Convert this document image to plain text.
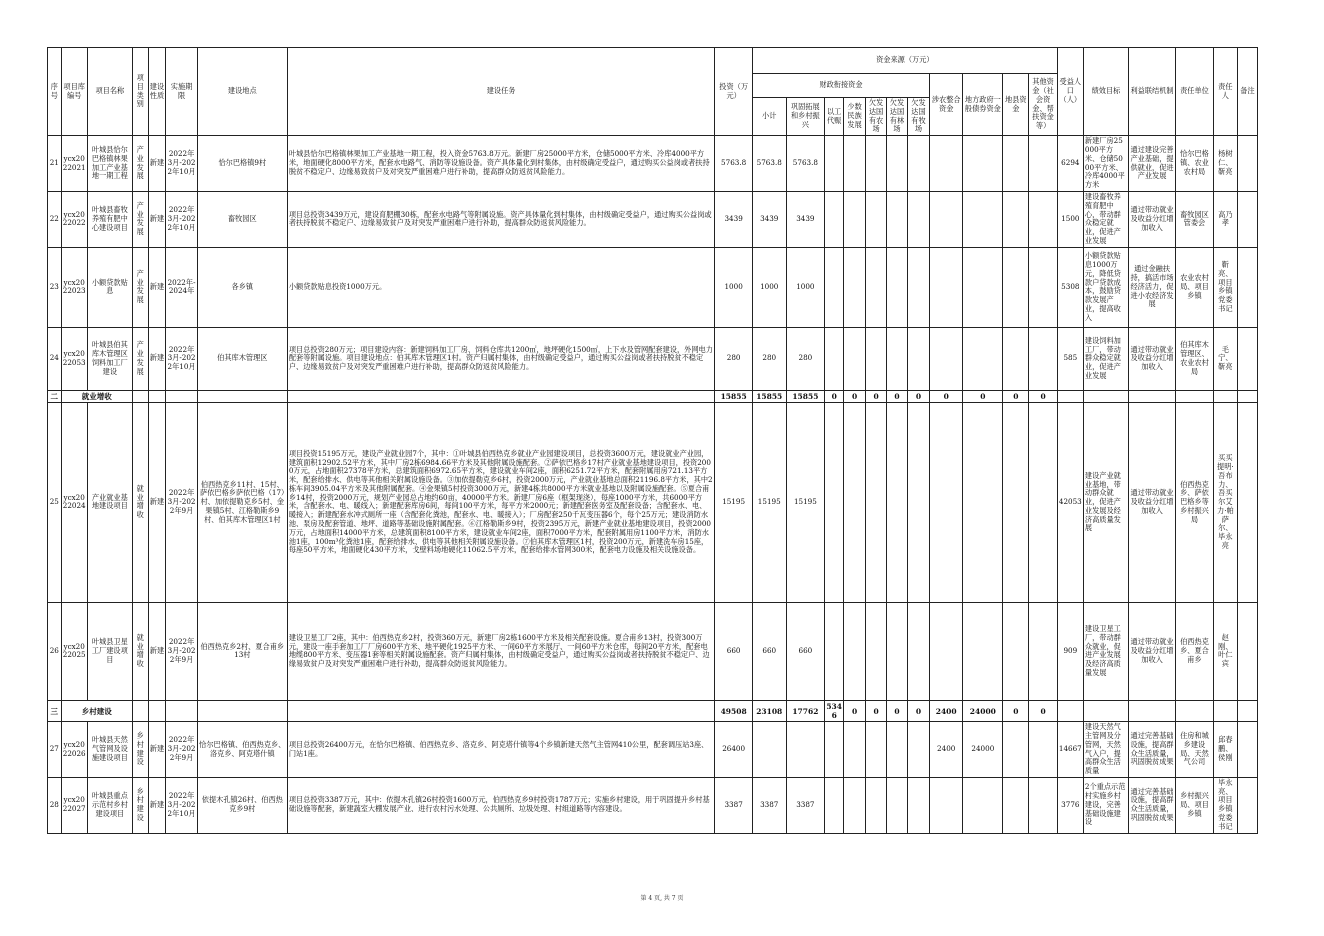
序号	项目库编号	项目名称	项目类别	建设性质	实施期限	建设地点	建设任务	投资（万元）	资金来源（万元）											受益人口（人）	绩效目标	利益联结机制	责任单位	责任人	备注
									财政衔接资金							涉农整合资金	地方政府一般债券资金	地县资金	其他资金（社会资金、帮扶资金等）						
									小计	巩固拓展和乡村振兴	以工代赈	少数民族发展	欠发达国有农场	欠发达国有林场	欠发达国有牧场										
21	ycx2022021	叶城县恰尔巴格镇林果加工产业基地一期工程	产业发展	新建	2022年3月-2022年10月	恰尔巴格镇9村	叶城县恰尔巴格镇林果加工产业基地一期工程，投入资金5763.8万元。新建厂房25000平方米，仓储5000平方米、冷库4000平方米，地面硬化8000平方米，配套水电路气、消防等设施设备。资产具体量化到村集体，由村级确定受益户，通过购买公益岗或者扶持脱贫不稳定户、边缘易致贫户及对突发严重困难户进行补助，提高群众防返贫风险能力。	5763.8	5763.8	5763.8										6294	新建厂房25000平方米、仓储5000平方米、冷库4000平方米	通过建设完善产业基础，提供就业，促进产业发展	恰尔巴格镇、农业农村局	杨树仁、靳亮	
22	ycx2022022	叶城县畜牧养殖有肥中心建设项目	产业发展	新建	2022年3月-2022年10月	畜牧园区	项目总投资3439万元，建设育肥棚30栋，配套水电路气等附属设施。资产具体量化到村集体，由村级确定受益户，通过购买公益岗或者扶持脱贫不稳定户、边缘易致贫户及对突发严重困难户进行补助，提高群众防返贫风险能力。	3439	3439	3439										1500	建设畜牧养殖育肥中心，带动群众稳定就业，促进产业发展	通过带动就业及收益分红增加收入	畜牧园区管委会	高乃孝	
23	ycx2022023	小额贷款贴息	产业发展	新建	2022年-2024年	各乡镇	小额贷款贴息投资1000万元。	1000	1000	1000										5308	小额贷款贴息1000万元，降低贷款户贷款成本，鼓励贷款发展产业，提高收入	通过金融扶持，搞活市场经济活力，促进小农经济发展	农业农村局、项目乡镇	靳亮、项目乡镇党委书记	
24	ycx2022053	叶城县伯其库木管理区饲料加工厂建设	产业发展	新建	2022年3月-2022年10月	伯其库木管理区	项目总投资280万元；项目建设内容：新建饲料加工厂房、饲料仓库共1200㎡，地坪硬化1500㎡，上下水及管网配套建设，外网电力配套等附属设施。项目建设地点：伯其库木管理区1村。资产归属村集体，由村级确定受益户，通过购买公益岗或者扶持脱贫不稳定户、边缘易致贫户及对突发严重困难户进行补助，提高群众防返贫风险能力。	280	280	280										585	建设饲料加工厂，带动群众稳定就业，促进产业发展	通过带动就业及收益分红增加收入	伯其库木管理区、农业农村局	毛宁、靳亮	
二	就业增收							15855	15855	15855	0	0	0	0	0	0	0	0	0						
25	ycx2022024	产业就业基地建设项目	就业增收	新建	2022年3月-2022年9月	伯西热克乡11村、15村、萨依巴格乡萨依巴格（17）村、加依提勒克乡5村、金果镇5村、江格勒斯乡9村、伯其库木管理区1村	项目投资15195万元，建设产业就业园7个，其中：①叶城县伯西热克乡就业产业园建设项目，总投资3600万元，建设就业产业园，建筑面积12902.52平方米，其中厂房2栋6984.66平方米及其他附属设施配套。②萨依巴格乡17村产业就业基地建设项目，投资2000万元，占地面积27378平方米，总建筑面积6972.65平方米，建设就业车间2座，面积6251.72平方米，配套附属用房721.13平方米，配套给排水、供电等其他相关附属设施设备。③加依提勒克乡6村，投资2000万元，产业就业基地总面积21196.8平方米，其中2栋车间3905.04平方米及其他附属配套。④金果镇5村投资3000万元，新建4栋共8000平方米就业基地以及附属设施配套。⑤夏合甫乡14村，投资2000万元，规划产业园总占地约60亩，40000平方米。新建厂房6座（框架现浇），每座1000平方米，共6000平方米，含配套水、电、暖线入；新建配套库房6间，每间100平方米，每平方米2000元；新建配套医务室及配套设备；含配套水、电、暖接入；新建配套水冲式厕所一座（含配套化粪池，配套水、电、暖接入）；厂房配套250千瓦变压器6个，每个25万元；建设消防水池、泵房及配套管道、地坪、道路等基础设施附属配套。⑥江格勒斯乡9村，投资2395万元，新建产业就业基地建设项目，投资2000万元，占地面积14000平方米，总建筑面积8100平方米，建设就业车间2座，面积7000平方米，配套附属用房1100平方米，消防水池1座，100m³化粪池1座，配套给排水、供电等其他相关附属设施设备。⑦伯其库木管理区1村，投资200万元，新建洗车房15座，每座50平方米，地面硬化430平方米，戈壁料场地硬化11062.5平方米，配套给排水管网300米，配套电力设施及相关设施设备。	15195	15195	15195										42053	建设产业就业基地，带动群众就业，促进产业发展及经济高质量发展	通过带动就业及收益分红增加收入	伯西热克乡、萨依巴格乡等乡村振兴局	买买提明·吾布力、吾买尔艾力·帕萨尔、毕永亮	
26	ycx2022025	叶城县卫星工厂建设项目	就业增收	新建	2022年3月-2022年9月	伯西热克乡2村、夏合甫乡13村	建设卫星工厂2座，其中：伯西热克乡2村，投资360万元，新建厂房2栋1600平方米及相关配套设施。夏合甫乡13村，投资300万元，建设一座手套加工厂厂房600平方米、地平硬化1925平方米、一间60平方米展厅、一间60平方米仓库，每间20平方米，配套电地缆800平方米、变压器1套等相关附属设施配套。资产归属村集体，由村级确定受益户，通过购买公益岗或者扶持脱贫不稳定户、边缘易致贫户及对突发严重困难户进行补助，提高群众防返贫风险能力。	660	660	660										909	建设卫星工厂，带动群众就业，促进产业发展及经济高质量发展	通过带动就业及收益分红增加收入	伯西热克乡、夏合甫乡	赵刚、叶仁宾	
三	乡村建设							49508	23108	17762	5346	0	0	0	0	2400	24000	0	0						
27	ycx2022026	叶城县天然气管网及设施建设项目	乡村建设	新建	2022年3月-2022年9月	恰尔巴格镇、伯西热克乡、洛克乡、阿克塔什镇	项目总投资26400万元，在恰尔巴格镇、伯西热克乡、洛克乡、阿克塔什镇等4个乡镇新建天然气主管网410公里，配套调压站3座、门站1座。	26400								2400	24000			14667	建设天然气主管网及分管网，天然气入户，提高群众生活质量	通过完善基础设施，提高群众生活质量，巩固脱贫成果	住房和城乡建设局、天然气公司	邱春鹏、侯刚	
28	ycx2022027	叶城县重点示范村乡村建设项目	乡村建设	新建	2022年3月-2022年10月	依提木孔镇26村、伯西热克乡9村	项目总投资3387万元，其中：依提木孔镇26村投资1600万元，伯西热克乡9村投资1787万元；实施乡村建设，用于巩固提升乡村基础设施等配套，新建蔬室大棚发展产业、进行农村污水处理、公共厕所、垃圾处理、村组道路等内容建设。	3387	3387	3387										3776	2个重点示范村实施乡村建设，完善基础设施建设	通过完善基础设施，提高群众生活质量，巩固脱贫成果	乡村振兴局、项目乡镇	毕永亮、项目乡镇党委书记	
第 4 页, 共 7 页
